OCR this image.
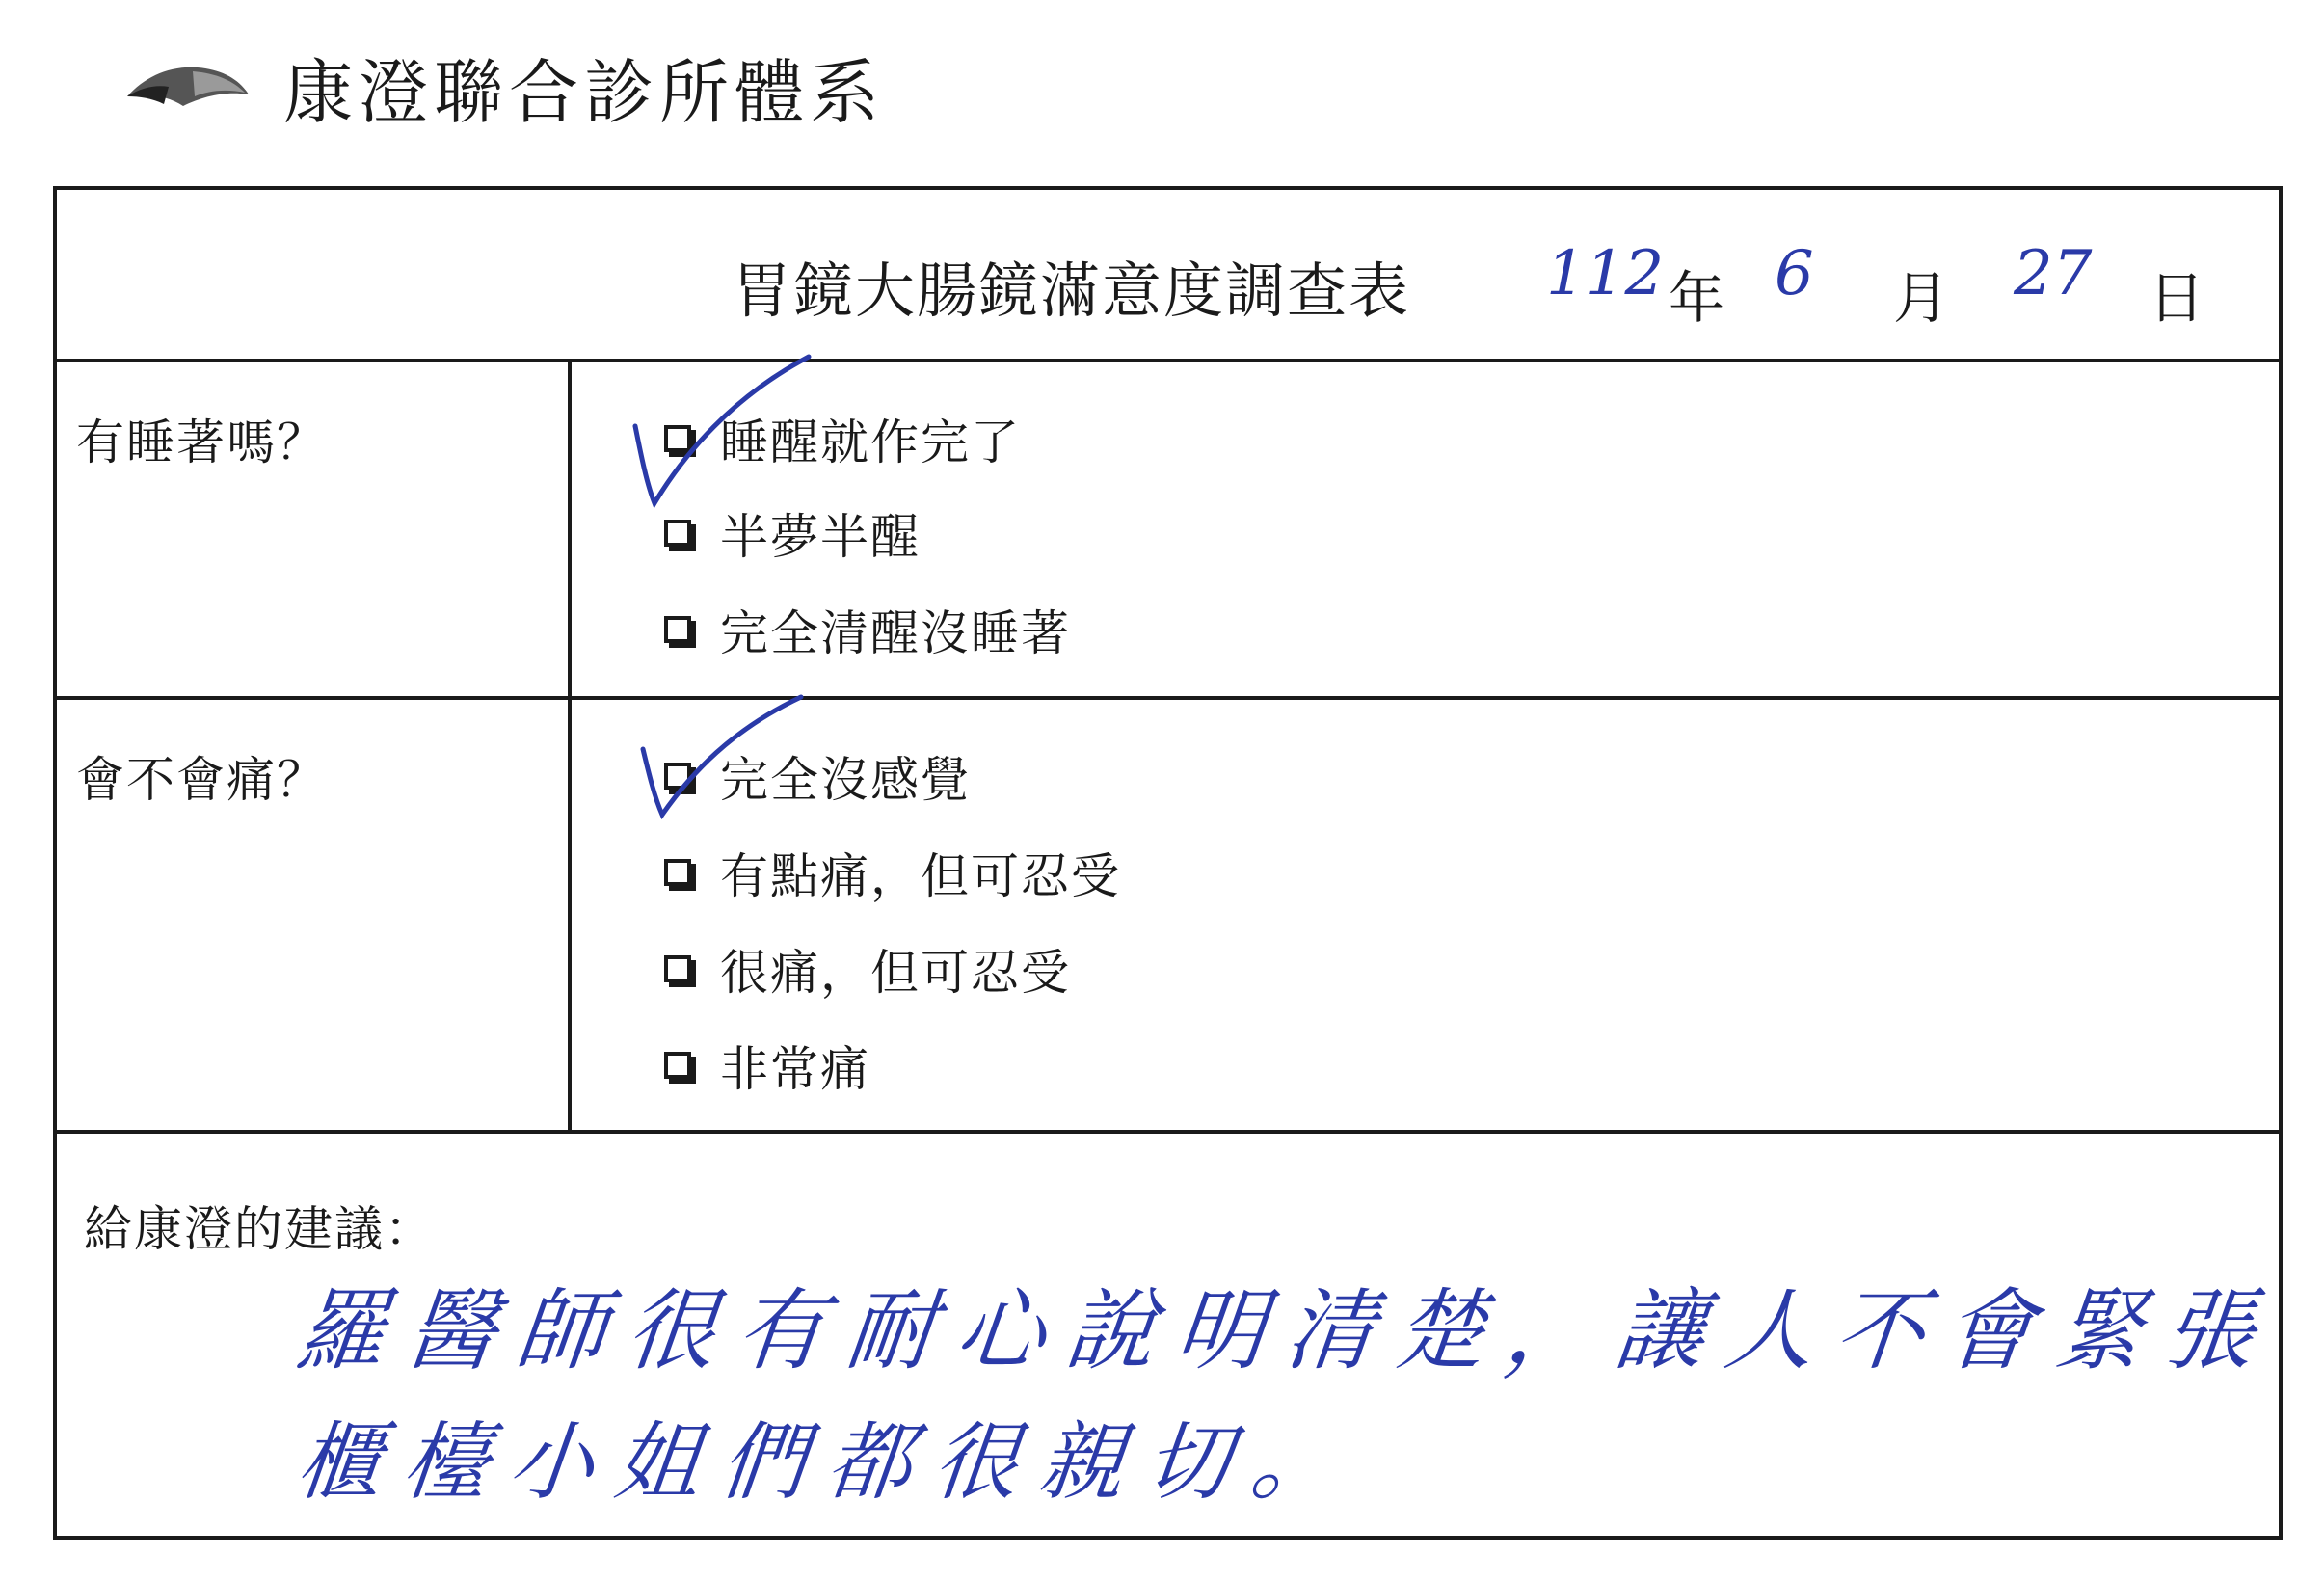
康澄聯合診所體系
胃鏡大腸鏡滿意度調查表 112 年 6 月 27 日
有睡著嗎？	睡醒就作完了
半夢半醒
完全清醒沒睡著
會不會痛？	完全沒感覺
有點痛，但可忍受
很痛，但可忍受
非常痛
給康澄的建議：
羅醫師很有耐心說明清楚，讓人不會緊張
櫃檯小姐們都很親切。
